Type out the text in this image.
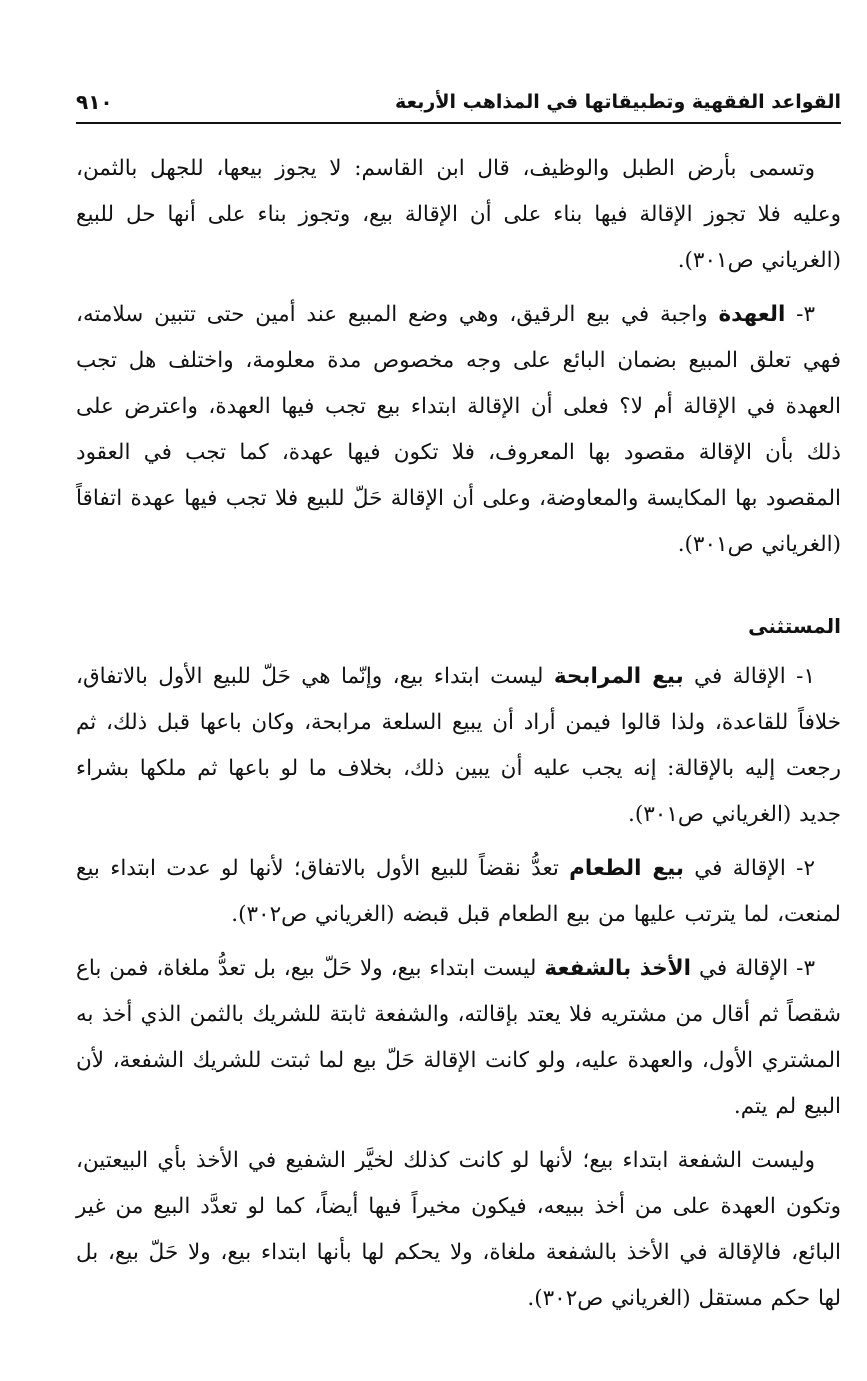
القواعد الفقهية وتطبيقاتها في المذاهب الأربعة
٩١٠

وتسمى بأرض الطبل والوظيف، قال ابن القاسم: لا يجوز بيعها، للجهل بالثمن، وعليه فلا تجوز الإقالة فيها بناء على أن الإقالة بيع، وتجوز بناء على أنها حل للبيع (الغرياني ص٣٠١).

٣- العهدة واجبة في بيع الرقيق، وهي وضع المبيع عند أمين حتى تتبين سلامته، فهي تعلق المبيع بضمان البائع على وجه مخصوص مدة معلومة، واختلف هل تجب العهدة في الإقالة أم لا؟ فعلى أن الإقالة ابتداء بيع تجب فيها العهدة، واعترض على ذلك بأن الإقالة مقصود بها المعروف، فلا تكون فيها عهدة، كما تجب في العقود المقصود بها المكايسة والمعاوضة، وعلى أن الإقالة حَلّ للبيع فلا تجب فيها عهدة اتفاقاً (الغرياني ص٣٠١).

المستثنى

١- الإقالة في بيع المرابحة ليست ابتداء بيع، وإنّما هي حَلّ للبيع الأول بالاتفاق، خلافاً للقاعدة، ولذا قالوا فيمن أراد أن يبيع السلعة مرابحة، وكان باعها قبل ذلك، ثم رجعت إليه بالإقالة: إنه يجب عليه أن يبين ذلك، بخلاف ما لو باعها ثم ملكها بشراء جديد (الغرياني ص٣٠١).

٢- الإقالة في بيع الطعام تعدُّ نقضاً للبيع الأول بالاتفاق؛ لأنها لو عدت ابتداء بيع لمنعت، لما يترتب عليها من بيع الطعام قبل قبضه (الغرياني ص٣٠٢).

٣- الإقالة في الأخذ بالشفعة ليست ابتداء بيع، ولا حَلّ بيع، بل تعدُّ ملغاة، فمن باع شقصاً ثم أقال من مشتريه فلا يعتد بإقالته، والشفعة ثابتة للشريك بالثمن الذي أخذ به المشتري الأول، والعهدة عليه، ولو كانت الإقالة حَلّ بيع لما ثبتت للشريك الشفعة، لأن البيع لم يتم.

وليست الشفعة ابتداء بيع؛ لأنها لو كانت كذلك لخيَّر الشفيع في الأخذ بأي البيعتين، وتكون العهدة على من أخذ ببيعه، فيكون مخيراً فيها أيضاً، كما لو تعدَّد البيع من غير البائع، فالإقالة في الأخذ بالشفعة ملغاة، ولا يحكم لها بأنها ابتداء بيع، ولا حَلّ بيع، بل لها حكم مستقل (الغرياني ص٣٠٢).
